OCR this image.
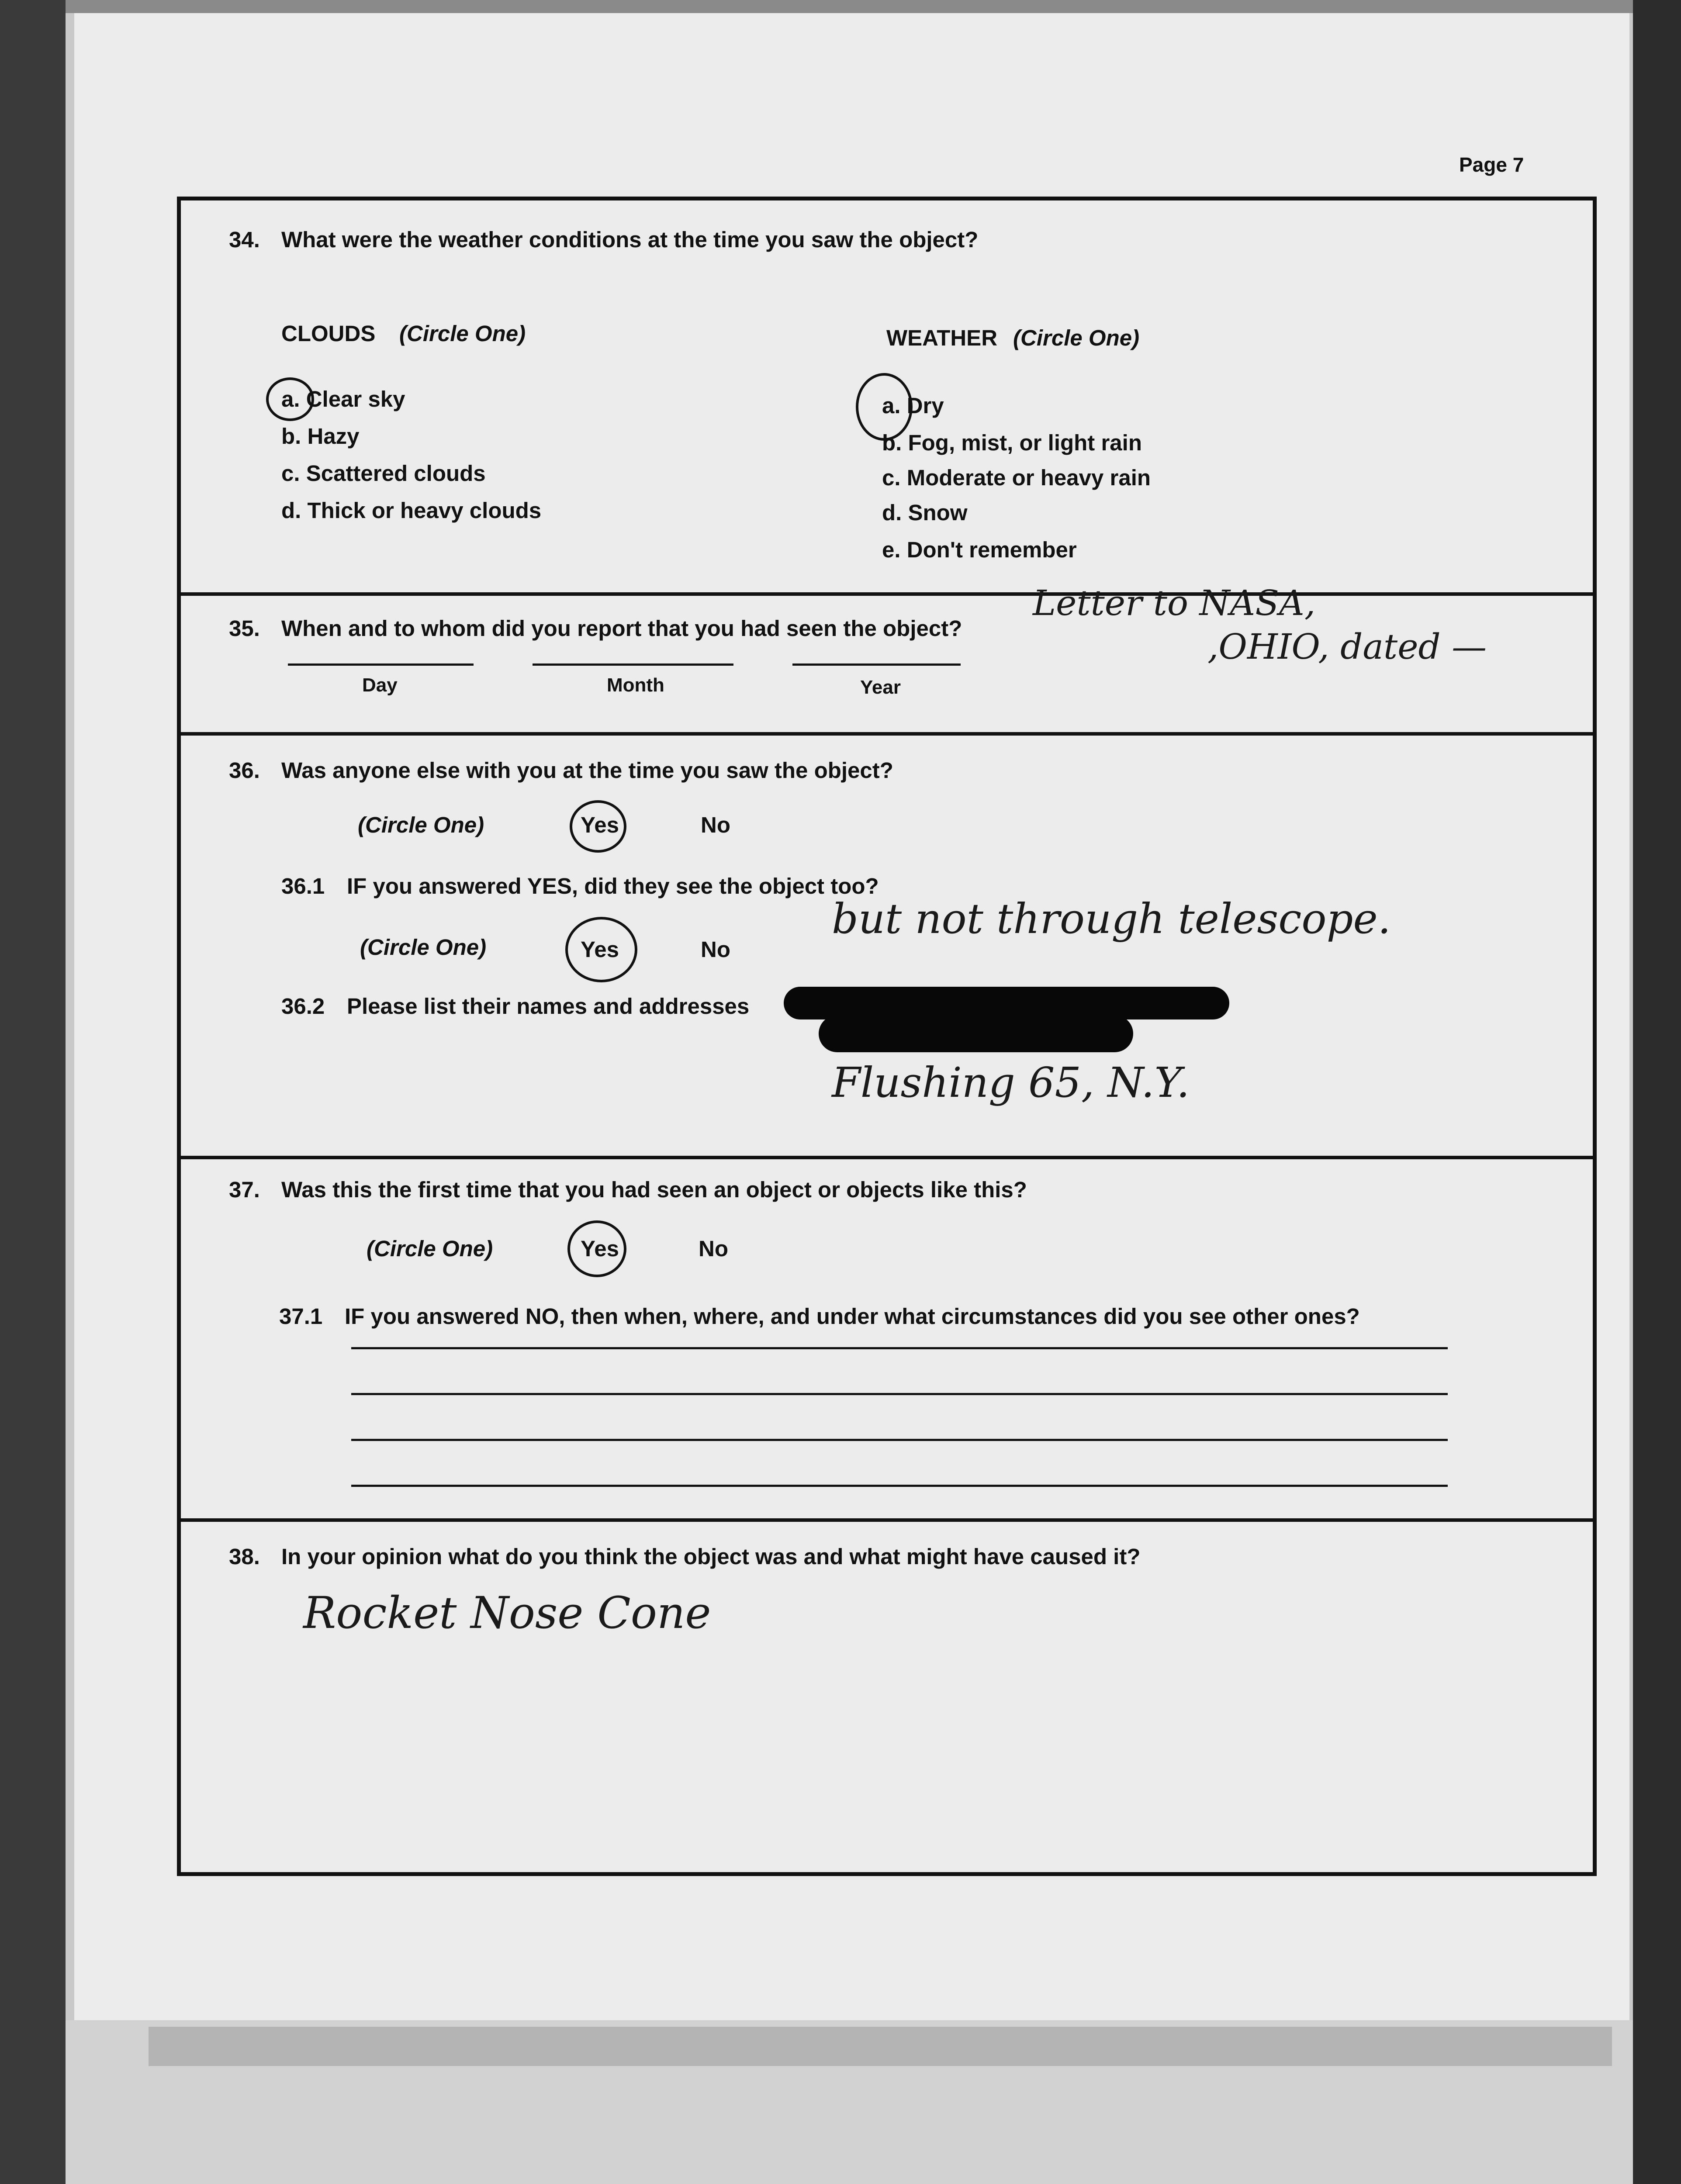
Page 7
34. What were the weather conditions at the time you saw the object?
CLOUDS (Circle One)
a. Clear sky
b. Hazy
c. Scattered clouds
d. Thick or heavy clouds
WEATHER (Circle One)
a. Dry
b. Fog, mist, or light rain
c. Moderate or heavy rain
d. Snow
e. Don't remember
35. When and to whom did you report that you had seen the object?
Letter to NASA,
,OHIO, dated —
Day	Month	Year
36. Was anyone else with you at the time you saw the object?
(Circle One)	Yes	No
36.1 IF you answered YES, did they see the object too?
(Circle One)	Yes	No
but not through telescope.
36.2 Please list their names and addresses
Flushing 65, N.Y.
37. Was this the first time that you had seen an object or objects like this?
(Circle One)	Yes	No
37.1 IF you answered NO, then when, where, and under what circumstances did you see other ones?
38. In your opinion what do you think the object was and what might have caused it?
Rocket Nose Cone
